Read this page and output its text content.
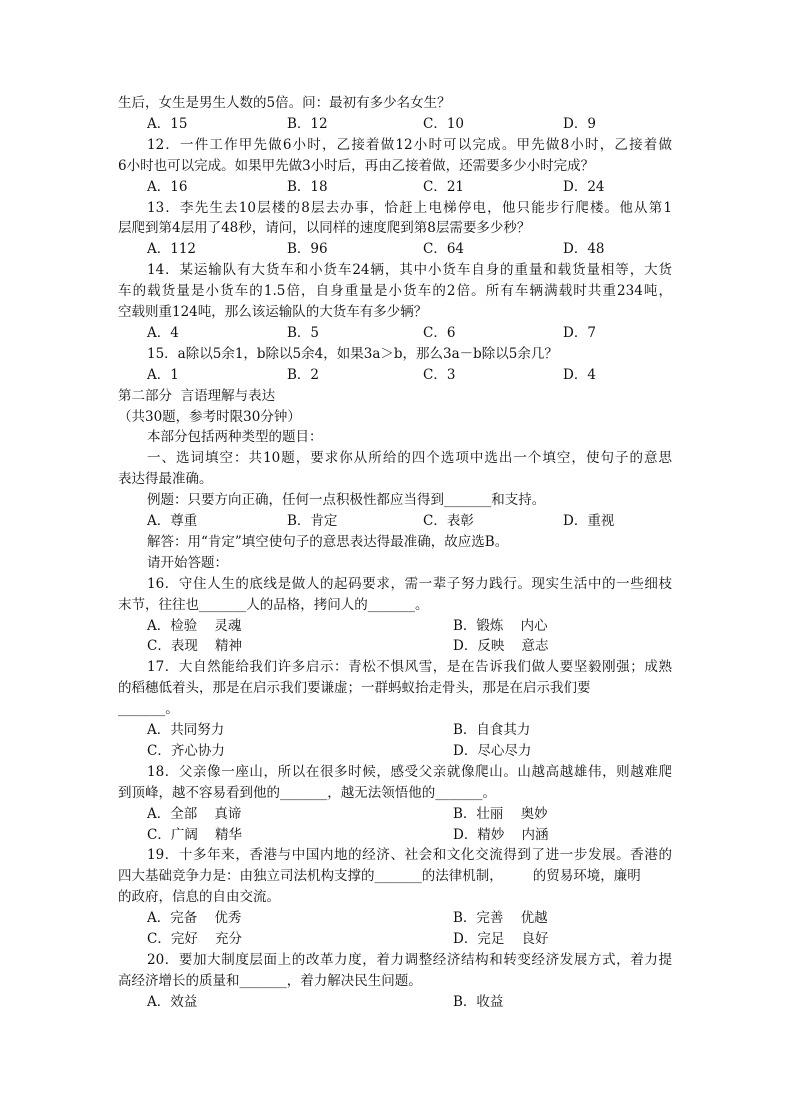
生后，女生是男生人数的5倍。问：最初有多少名女生？
A．15	B．12	C．10	D．9
12．一件工作甲先做6小时，乙接着做12小时可以完成。甲先做8小时，乙接着做
6小时也可以完成。如果甲先做3小时后，再由乙接着做，还需要多少小时完成？
A．16	B．18	C．21	D．24
13．李先生去10层楼的8层去办事，恰赶上电梯停电，他只能步行爬楼。他从第1
层爬到第4层用了48秒，请问，以同样的速度爬到第8层需要多少秒？
A．112	B．96	C．64	D．48
14．某运输队有大货车和小货车24辆，其中小货车自身的重量和载货量相等，大货
车的载货量是小货车的1.5倍，自身重量是小货车的2倍。所有车辆满载时共重234吨，
空载则重124吨，那么该运输队的大货车有多少辆？
A．4	B．5	C．6	D．7
15．a除以5余1，b除以5余4，如果3a＞b，那么3a－b除以5余几？
A．1	B．2	C．3	D．4
第二部分  言语理解与表达
（共30题，参考时限30分钟）
本部分包括两种类型的题目：
一、选词填空：共10题，要求你从所给的四个选项中选出一个填空，使句子的意思
表达得最准确。
例题：只要方向正确，任何一点积极性都应当得到_______和支持。
A．尊重	B．肯定	C．表彰	D．重视
解答：用“肯定”填空使句子的意思表达得最准确，故应选B。
请开始答题：
16．守住人生的底线是做人的起码要求，需一辈子努力践行。现实生活中的一些细枝
末节，往往也_______人的品格，拷问人的_______。
A．检验    灵魂	B．锻炼    内心
C．表现    精神	D．反映    意志
17．大自然能给我们许多启示：青松不惧风雪，是在告诉我们做人要坚毅刚强；成熟
的稻穗低着头，那是在启示我们要谦虚；一群蚂蚁抬走骨头，那是在启示我们要
_______。
A．共同努力	B．自食其力
C．齐心协力	D．尽心尽力
18．父亲像一座山，所以在很多时候，感受父亲就像爬山。山越高越雄伟，则越难爬
到顶峰，越不容易看到他的_______，越无法领悟他的_______。
A．全部    真谛	B．壮丽    奥妙
C．广阔    精华	D．精妙    内涵
19．十多年来，香港与中国内地的经济、社会和文化交流得到了进一步发展。香港的
四大基础竞争力是：由独立司法机构支撑的_______的法律机制，       的贸易环境，廉明
的政府，信息的自由交流。
A．完备    优秀	B．完善    优越
C．完好    充分	D．完足    良好
20．要加大制度层面上的改革力度，着力调整经济结构和转变经济发展方式，着力提
高经济增长的质量和_______，着力解决民生问题。
A．效益	B．收益
